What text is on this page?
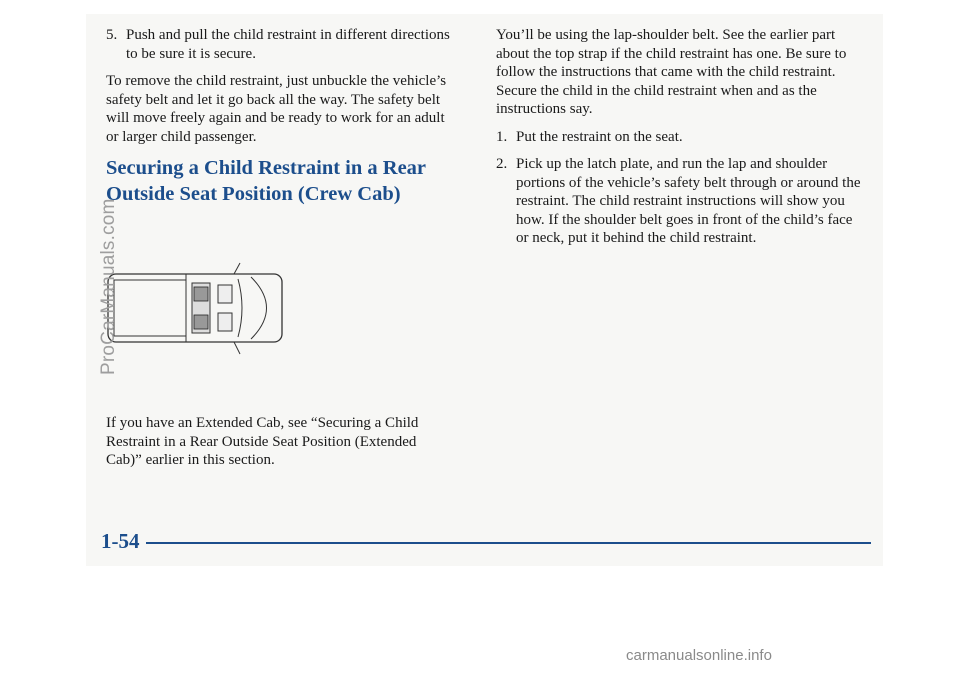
5. Push and pull the child restraint in different directions to be sure it is secure.

To remove the child restraint, just unbuckle the vehicle’s safety belt and let it go back all the way. The safety belt will move freely again and be ready to work for an adult or larger child passenger.

Securing a Child Restraint in a Rear Outside Seat Position (Crew Cab)

If you have an Extended Cab, see “Securing a Child Restraint in a Rear Outside Seat Position (Extended Cab)” earlier in this section.

You’ll be using the lap-shoulder belt. See the earlier part about the top strap if the child restraint has one. Be sure to follow the instructions that came with the child restraint. Secure the child in the child restraint when and as the instructions say.

1. Put the restraint on the seat.
2. Pick up the latch plate, and run the lap and shoulder portions of the vehicle’s safety belt through or around the restraint. The child restraint instructions will show you how. If the shoulder belt goes in front of the child’s face or neck, put it behind the child restraint.
1-54
ProCarManuals.com
carmanualsonline.info
